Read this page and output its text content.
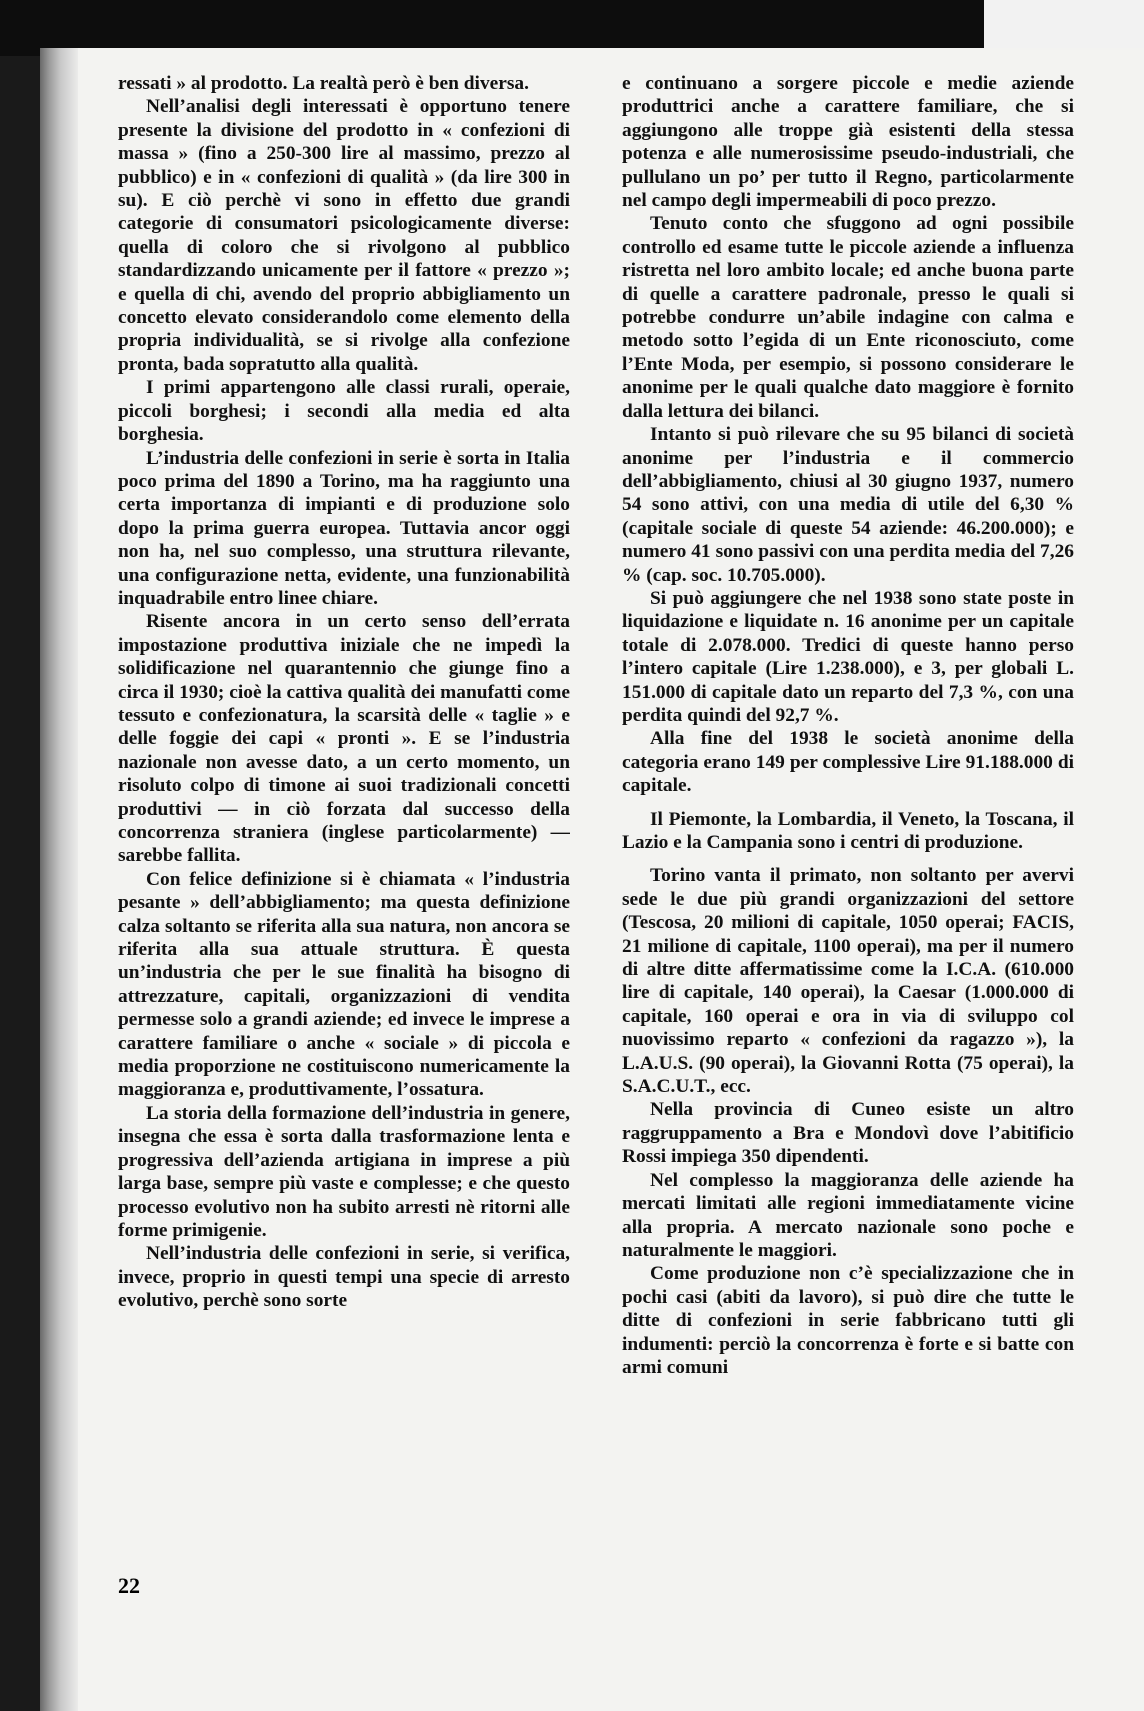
ressati » al prodotto. La realtà però è ben diversa.

Nell’analisi degli interessati è opportuno tenere presente la divisione del prodotto in « confezioni di massa » (fino a 250-300 lire al massimo, prezzo al pubblico) e in « confezioni di qualità » (da lire 300 in su). E ciò perchè vi sono in effetto due grandi categorie di consumatori psicologicamente diverse: quella di coloro che si rivolgono al pubblico standardizzando unicamente per il fattore « prezzo »; e quella di chi, avendo del proprio abbigliamento un concetto elevato considerandolo come elemento della propria individualità, se si rivolge alla confezione pronta, bada sopratutto alla qualità.

I primi appartengono alle classi rurali, operaie, piccoli borghesi; i secondi alla media ed alta borghesia.

L’industria delle confezioni in serie è sorta in Italia poco prima del 1890 a Torino, ma ha raggiunto una certa importanza di impianti e di produzione solo dopo la prima guerra europea. Tuttavia ancor oggi non ha, nel suo complesso, una struttura rilevante, una configurazione netta, evidente, una funzionabilità inquadrabile entro linee chiare.

Risente ancora in un certo senso dell’errata impostazione produttiva iniziale che ne impedì la solidificazione nel quarantennio che giunge fino a circa il 1930; cioè la cattiva qualità dei manufatti come tessuto e confezionatura, la scarsità delle « taglie » e delle foggie dei capi « pronti ». E se l’industria nazionale non avesse dato, a un certo momento, un risoluto colpo di timone ai suoi tradizionali concetti produttivi — in ciò forzata dal successo della concorrenza straniera (inglese particolarmente) — sarebbe fallita.

Con felice definizione si è chiamata « l’industria pesante » dell’abbigliamento; ma questa definizione calza soltanto se riferita alla sua natura, non ancora se riferita alla sua attuale struttura. È questa un’industria che per le sue finalità ha bisogno di attrezzature, capitali, organizzazioni di vendita permesse solo a grandi aziende; ed invece le imprese a carattere familiare o anche « sociale » di piccola e media proporzione ne costituiscono numericamente la maggioranza e, produttivamente, l’ossatura.

La storia della formazione dell’industria in genere, insegna che essa è sorta dalla trasformazione lenta e progressiva dell’azienda artigiana in imprese a più larga base, sempre più vaste e complesse; e che questo processo evolutivo non ha subito arresti nè ritorni alle forme primigenie.

Nell’industria delle confezioni in serie, si verifica, invece, proprio in questi tempi una specie di arresto evolutivo, perchè sono sorte

e continuano a sorgere piccole e medie aziende produttrici anche a carattere familiare, che si aggiungono alle troppe già esistenti della stessa potenza e alle numerosissime pseudo-industriali, che pullulano un po’ per tutto il Regno, particolarmente nel campo degli impermeabili di poco prezzo.

Tenuto conto che sfuggono ad ogni possibile controllo ed esame tutte le piccole aziende a influenza ristretta nel loro ambito locale; ed anche buona parte di quelle a carattere padronale, presso le quali si potrebbe condurre un’abile indagine con calma e metodo sotto l’egida di un Ente riconosciuto, come l’Ente Moda, per esempio, si possono considerare le anonime per le quali qualche dato maggiore è fornito dalla lettura dei bilanci.

Intanto si può rilevare che su 95 bilanci di società anonime per l’industria e il commercio dell’abbigliamento, chiusi al 30 giugno 1937, numero 54 sono attivi, con una media di utile del 6,30 % (capitale sociale di queste 54 aziende: 46.200.000); e numero 41 sono passivi con una perdita media del 7,26 % (cap. soc. 10.705.000).

Si può aggiungere che nel 1938 sono state poste in liquidazione e liquidate n. 16 anonime per un capitale totale di 2.078.000. Tredici di queste hanno perso l’intero capitale (Lire 1.238.000), e 3, per globali L. 151.000 di capitale dato un reparto del 7,3 %, con una perdita quindi del 92,7 %.

Alla fine del 1938 le società anonime della categoria erano 149 per complessive Lire 91.188.000 di capitale.

Il Piemonte, la Lombardia, il Veneto, la Toscana, il Lazio e la Campania sono i centri di produzione.

Torino vanta il primato, non soltanto per avervi sede le due più grandi organizzazioni del settore (Tescosa, 20 milioni di capitale, 1050 operai; FACIS, 21 milione di capitale, 1100 operai), ma per il numero di altre ditte affermatissime come la I.C.A. (610.000 lire di capitale, 140 operai), la Caesar (1.000.000 di capitale, 160 operai e ora in via di sviluppo col nuovissimo reparto « confezioni da ragazzo »), la L.A.U.S. (90 operai), la Giovanni Rotta (75 operai), la S.A.C.U.T., ecc.

Nella provincia di Cuneo esiste un altro raggruppamento a Bra e Mondovì dove l’abitificio Rossi impiega 350 dipendenti.

Nel complesso la maggioranza delle aziende ha mercati limitati alle regioni immediatamente vicine alla propria. A mercato nazionale sono poche e naturalmente le maggiori.

Come produzione non c’è specializzazione che in pochi casi (abiti da lavoro), si può dire che tutte le ditte di confezioni in serie fabbricano tutti gli indumenti: perciò la concorrenza è forte e si batte con armi comuni

22
